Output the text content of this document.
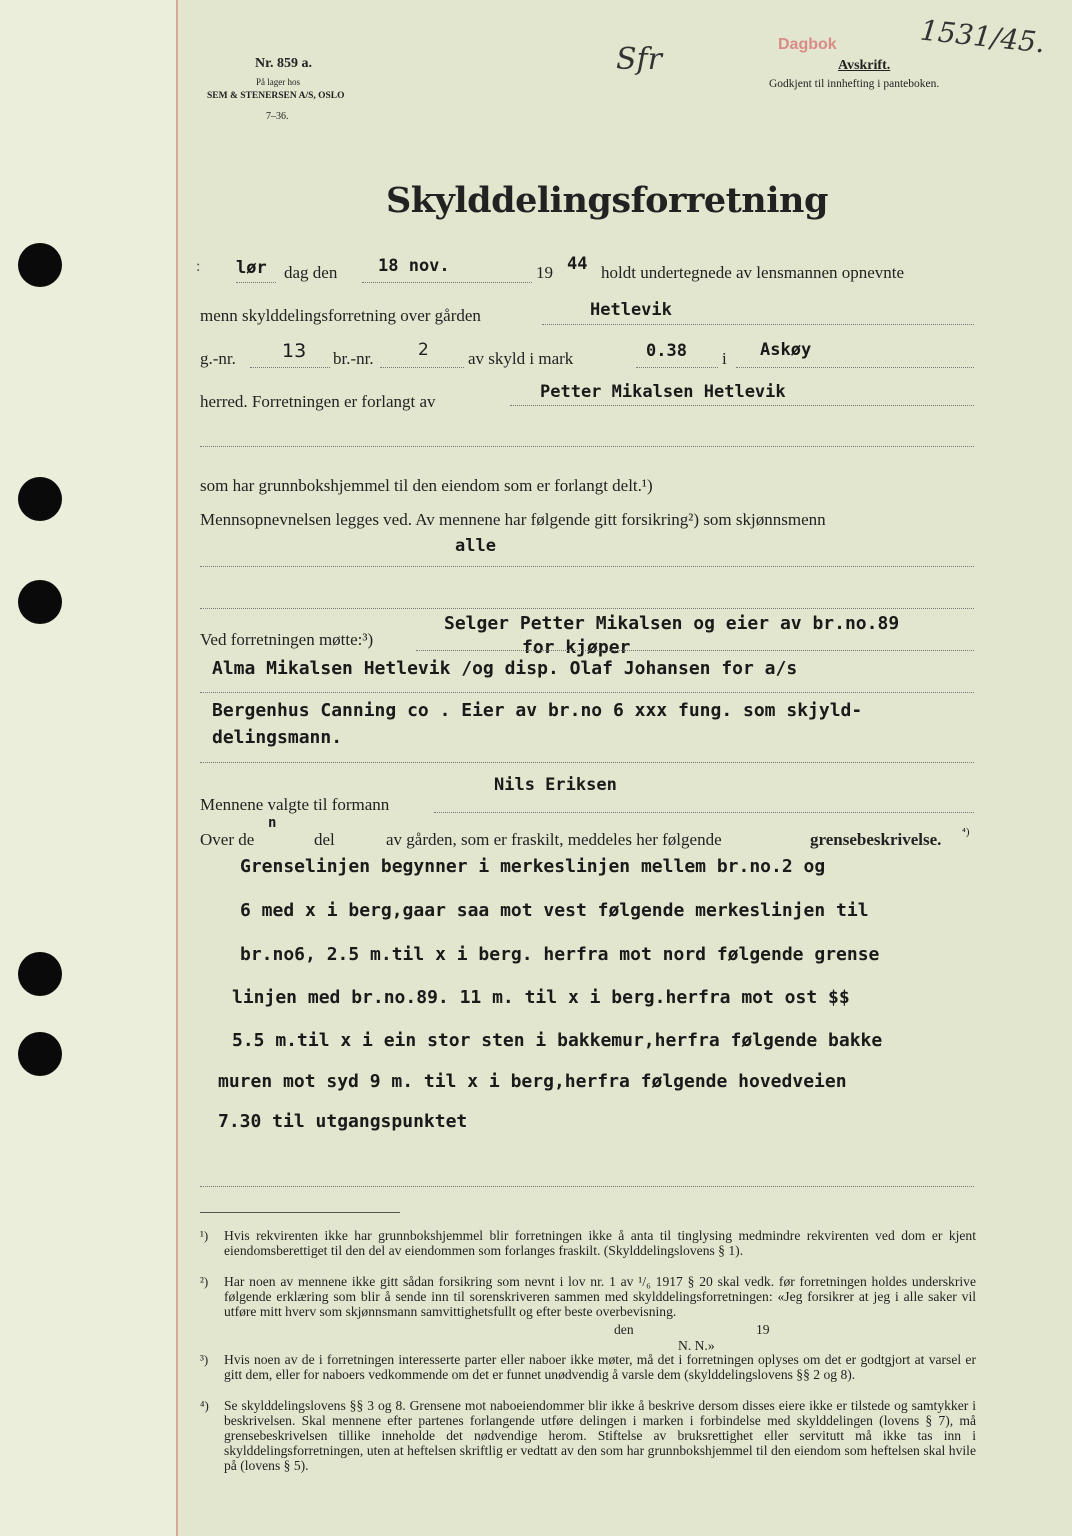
Nr. 859 a.
På lager hos
SEM & STENERSEN A/S, OSLO
7–36.
Sfr	Dagbok
Avskrift.
Godkjent til innhefting i panteboken.
1531/45.
Skylddelingsforretning
: lør dag den 18 nov.	19 44 holdt undertegnede av lensmannen opnevnte
menn skylddelingsforretning over gården	Hetlevik
g.-nr. 13 br.-nr.	2 av skyld i mark	0.38 i Askøy
herred. Forretningen er forlangt av	Petter Mikalsen Hetlevik
som har grunnbokshjemmel til den eiendom som er forlangt delt.¹)
Mennsopnevnelsen legges ved. Av mennene har følgende gitt forsikring²) som skjønnsmenn
alle
Ved forretningen møtte:³)
Selger Petter Mikalsen og eier av br.no.89
for kjøper
Alma Mikalsen Hetlevik /og disp. Olaf Johansen for a/s
Bergenhus Canning co . Eier av br.no 6 xxx fung. som skjyld-
delingsmann.
Mennene valgte til formann
Nils Eriksen
Over de
n
del	av gården, som er fraskilt, meddeles her følgende	grensebeskrivelse. ⁴)
Grenselinjen begynner i merkeslinjen mellem br.no.2 og
6 med x i berg,gaar saa mot vest følgende merkeslinjen til
br.no6, 2.5 m.til x i berg. herfra mot nord følgende grense
linjen med br.no.89. 11 m. til x i berg.herfra mot ost $$
5.5 m.til x i ein stor sten i bakkemur,herfra følgende bakke
muren mot syd 9 m. til x i berg,herfra følgende hovedveien
7.30 til utgangspunktet
¹) Hvis rekvirenten ikke har grunnbokshjemmel blir forretningen ikke å anta til tinglysing medmindre rekvirenten ved dom er kjent eiendomsberettiget til den del av eiendommen som forlanges fraskilt. (Skylddelingslovens § 1).
²) Har noen av mennene ikke gitt sådan forsikring som nevnt i lov nr. 1 av ¹/₆ 1917 § 20 skal vedk. før forretningen holdes underskrive følgende erklæring som blir å sende inn til sorenskriveren sammen med skylddelingsforretningen: «Jeg forsikrer at jeg i alle saker vil utføre mitt hverv som skjønnsmann samvittighetsfullt og efter beste overbevisning.
den	19
N. N.»
³) Hvis noen av de i forretningen interesserte parter eller naboer ikke møter, må det i forretningen oplyses om det er godtgjort at varsel er gitt dem, eller for naboers vedkommende om det er funnet unødvendig å varsle dem (skylddelingslovens §§ 2 og 8).
⁴) Se skylddelingslovens §§ 3 og 8. Grensene mot naboeiendommer blir ikke å beskrive dersom disses eiere ikke er tilstede og samtykker i beskrivelsen. Skal mennene efter partenes forlangende utføre delingen i marken i forbindelse med skylddelingen (lovens § 7), må grensebeskrivelsen tillike inneholde det nødvendige herom. Stiftelse av bruksrettighet eller servitutt må ikke tas inn i skylddelingsforretningen, uten at heftelsen skriftlig er vedtatt av den som har grunnbokshjemmel til den eiendom som heftelsen skal hvile på (lovens § 5).
